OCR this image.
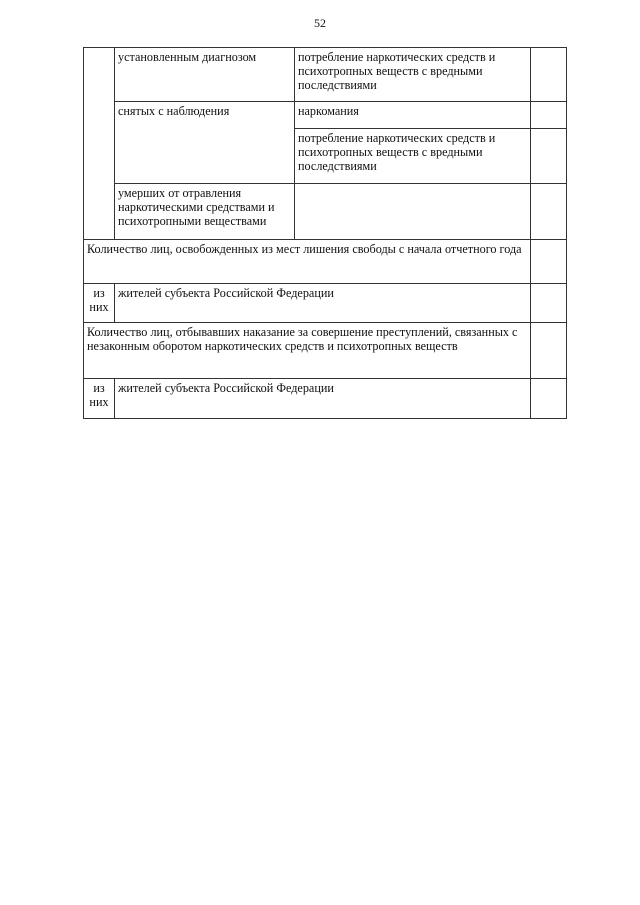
52
	установленным диагнозом	потребление наркотических средств и психотропных веществ с вредными последствиями	
	снятых с наблюдения	наркомания	
		потребление наркотических средств и психотропных веществ с вредными последствиями	
	умерших от отравления наркотическими средствами и психотропными веществами		
Количество лиц, освобожденных из мест лишения свободы с начала отчетного года			
из них	жителей субъекта Российской Федерации		
Количество лиц, отбывавших наказание за совершение преступлений, связанных с незаконным оборотом наркотических средств и психотропных веществ			
из них	жителей субъекта Российской Федерации		
